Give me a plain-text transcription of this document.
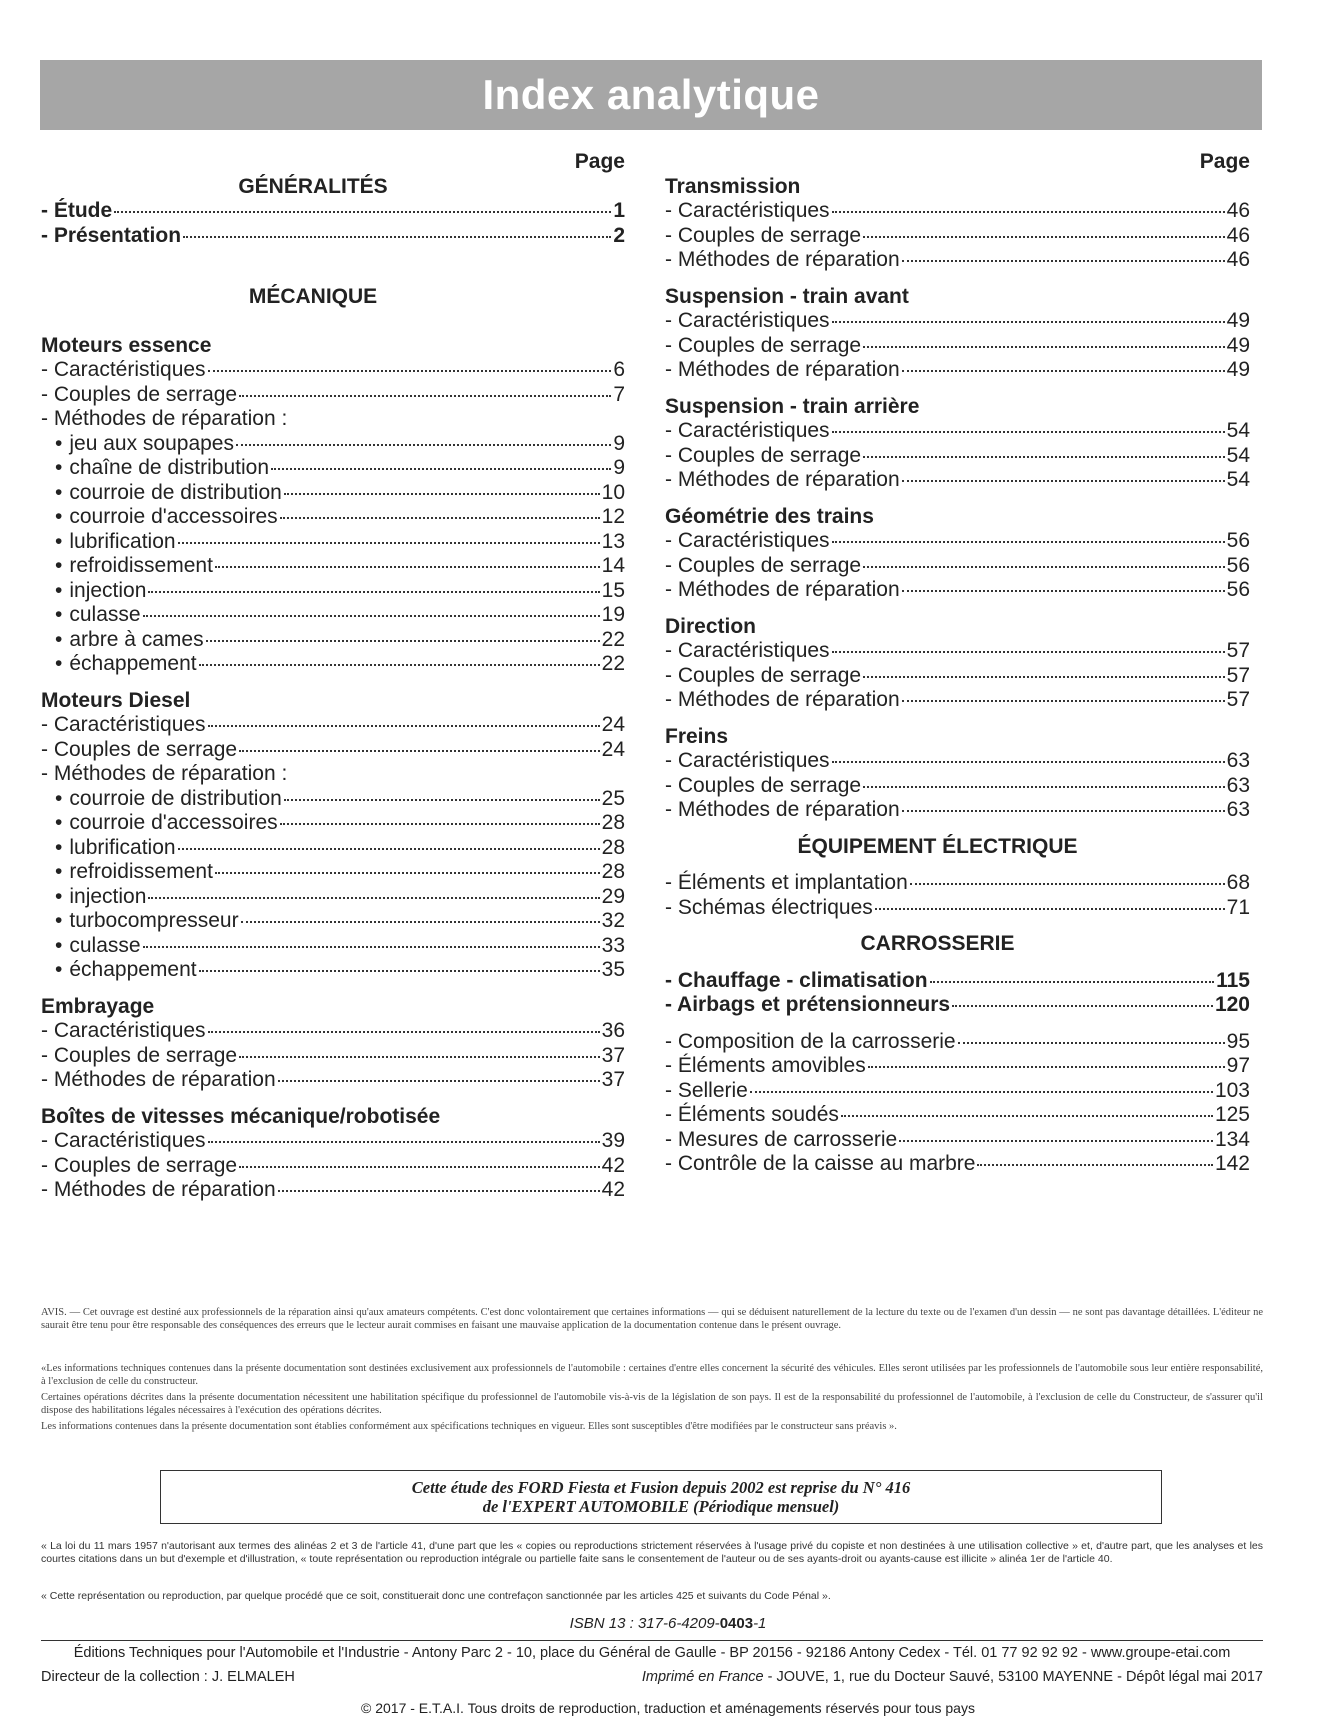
Index analytique
Page
GÉNÉRALITÉS
- Étude	1
- Présentation	2
MÉCANIQUE
Moteurs essence
- Caractéristiques	6
- Couples de serrage	7
- Méthodes de réparation :
• jeu aux soupapes	9
• chaîne de distribution	9
• courroie de distribution	10
• courroie d'accessoires	12
• lubrification	13
• refroidissement	14
• injection	15
• culasse	19
• arbre à cames	22
• échappement	22
Moteurs Diesel
- Caractéristiques	24
- Couples de serrage	24
- Méthodes de réparation :
• courroie de distribution	25
• courroie d'accessoires	28
• lubrification	28
• refroidissement	28
• injection	29
• turbocompresseur	32
• culasse	33
• échappement	35
Embrayage
- Caractéristiques	36
- Couples de serrage	37
- Méthodes de réparation	37
Boîtes de vitesses mécanique/robotisée
- Caractéristiques	39
- Couples de serrage	42
- Méthodes de réparation	42
Page
Transmission
- Caractéristiques	46
- Couples de serrage	46
- Méthodes de réparation	46
Suspension - train avant
- Caractéristiques	49
- Couples de serrage	49
- Méthodes de réparation	49
Suspension - train arrière
- Caractéristiques	54
- Couples de serrage	54
- Méthodes de réparation	54
Géométrie des trains
- Caractéristiques	56
- Couples de serrage	56
- Méthodes de réparation	56
Direction
- Caractéristiques	57
- Couples de serrage	57
- Méthodes de réparation	57
Freins
- Caractéristiques	63
- Couples de serrage	63
- Méthodes de réparation	63
ÉQUIPEMENT ÉLECTRIQUE
- Éléments et implantation	68
- Schémas électriques	71
CARROSSERIE
- Chauffage - climatisation	115
- Airbags et prétensionneurs	120
- Composition de la carrosserie	95
- Éléments amovibles	97
- Sellerie	103
- Éléments soudés	125
- Mesures de carrosserie	134
- Contrôle de la caisse au marbre	142
AVIS. — Cet ouvrage est destiné aux professionnels de la réparation ainsi qu'aux amateurs compétents. C'est donc volontairement que certaines informations — qui se déduisent naturellement de la lecture du texte ou de l'examen d'un dessin — ne sont pas davantage détaillées. L'éditeur ne saurait être tenu pour être responsable des conséquences des erreurs que le lecteur aurait commises en faisant une mauvaise application de la documentation contenue dans le présent ouvrage.
«Les informations techniques contenues dans la présente documentation sont destinées exclusivement aux professionnels de l'automobile : certaines d'entre elles concernent la sécurité des véhicules. Elles seront utilisées par les professionnels de l'automobile sous leur entière responsabilité, à l'exclusion de celle du constructeur.
Certaines opérations décrites dans la présente documentation nécessitent une habilitation spécifique du professionnel de l'automobile vis-à-vis de la législation de son pays. Il est de la responsabilité du professionnel de l'automobile, à l'exclusion de celle du Constructeur, de s'assurer qu'il dispose des habilitations légales nécessaires à l'exécution des opérations décrites.
Les informations contenues dans la présente documentation sont établies conformément aux spécifications techniques en vigueur. Elles sont susceptibles d'être modifiées par le constructeur sans préavis ».
Cette étude des FORD Fiesta et Fusion depuis 2002 est reprise du N° 416
de l'EXPERT AUTOMOBILE (Périodique mensuel)
« La loi du 11 mars 1957 n'autorisant aux termes des alinéas 2 et 3 de l'article 41, d'une part que les « copies ou reproductions strictement réservées à l'usage privé du copiste et non destinées à une utilisation collective » et, d'autre part, que les analyses et les courtes citations dans un but d'exemple et d'illustration, « toute représentation ou reproduction intégrale ou partielle faite sans le consentement de l'auteur ou de ses ayants-droit ou ayants-cause est illicite » alinéa 1er de l'article 40.
« Cette représentation ou reproduction, par quelque procédé que ce soit, constituerait donc une contrefaçon sanctionnée par les articles 425 et suivants du Code Pénal ».
ISBN 13 : 317-6-4209-0403-1
Éditions Techniques pour l'Automobile et l'Industrie - Antony Parc 2 - 10, place du Général de Gaulle - BP 20156 - 92186 Antony Cedex - Tél. 01 77 92 92 92 - www.groupe-etai.com
Directeur de la collection : J. ELMALEH	Imprimé en France - JOUVE, 1, rue du Docteur Sauvé, 53100 MAYENNE - Dépôt légal mai 2017
© 2017 - E.T.A.I. Tous droits de reproduction, traduction et aménagements réservés pour tous pays
